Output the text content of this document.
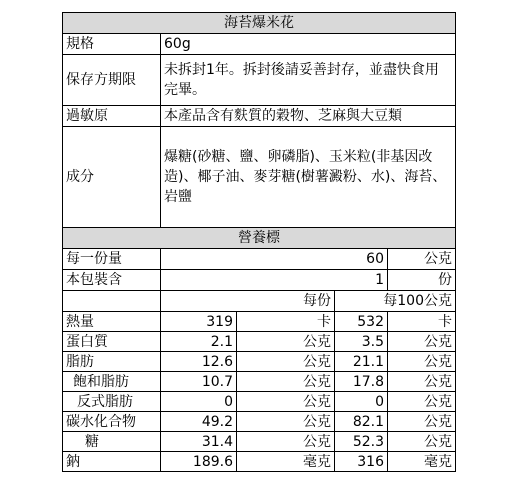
海苔爆米花				
規格	60g			
保存方期限	未拆封1年。拆封後請妥善封存，並盡快食用完畢。			
過敏原	本產品含有麩質的穀物、芝麻與大豆類			
成分	爆糖(砂糖、鹽、卵磷脂)、玉米粒(非基因改造)、椰子油、麥芽糖(樹薯澱粉、水)、海苔、岩鹽			
營養標				
每一份量	60			公克
本包裝含	1			份
	每份		每100公克	
熱量	319	卡	532	卡
蛋白質	2.1	公克	3.5	公克
脂肪	12.6	公克	21.1	公克
飽和脂肪	10.7	公克	17.8	公克
反式脂肪	0	公克	0	公克
碳水化合物	49.2	公克	82.1	公克
糖	31.4	公克	52.3	公克
鈉	189.6	毫克	316	毫克
